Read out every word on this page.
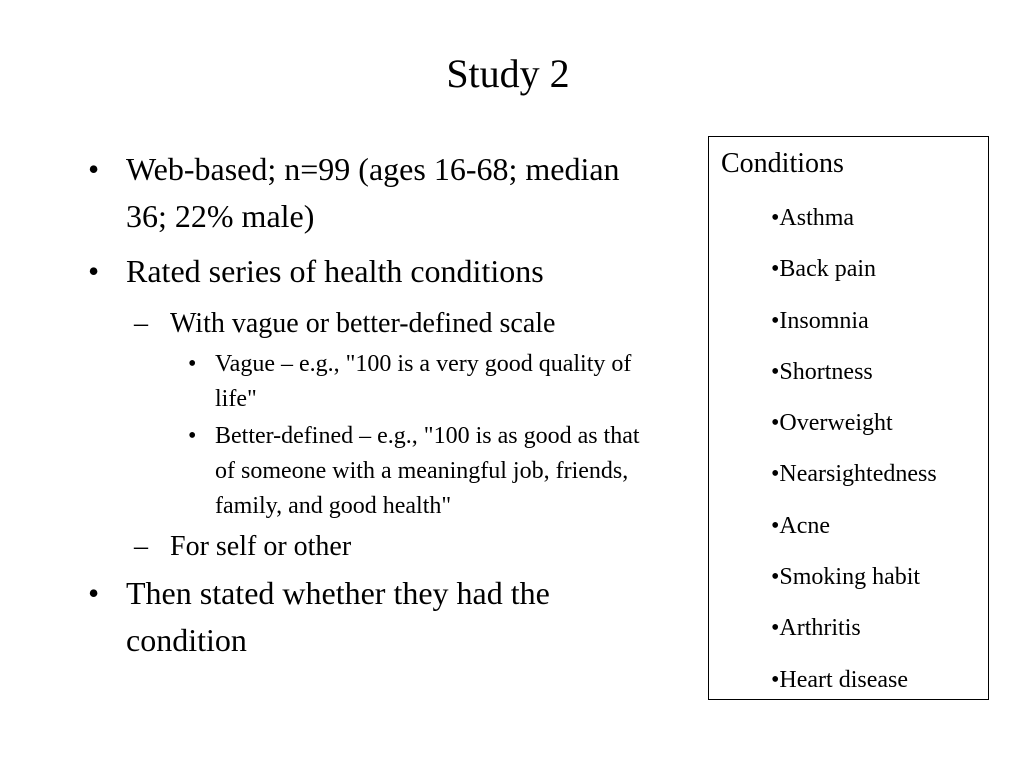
Study 2
• Web-based; n=99 (ages 16-68; median 36; 22% male)
• Rated series of health conditions
– With vague or better-defined scale
• Vague – e.g., "100 is a very good quality of life"
• Better-defined – e.g., "100 is as good as that of someone with a meaningful job, friends, family, and good health"
– For self or other
• Then stated whether they had the condition
Conditions
•Asthma
•Back pain
•Insomnia
•Shortness
•Overweight
•Nearsightedness
•Acne
•Smoking habit
•Arthritis
•Heart disease
